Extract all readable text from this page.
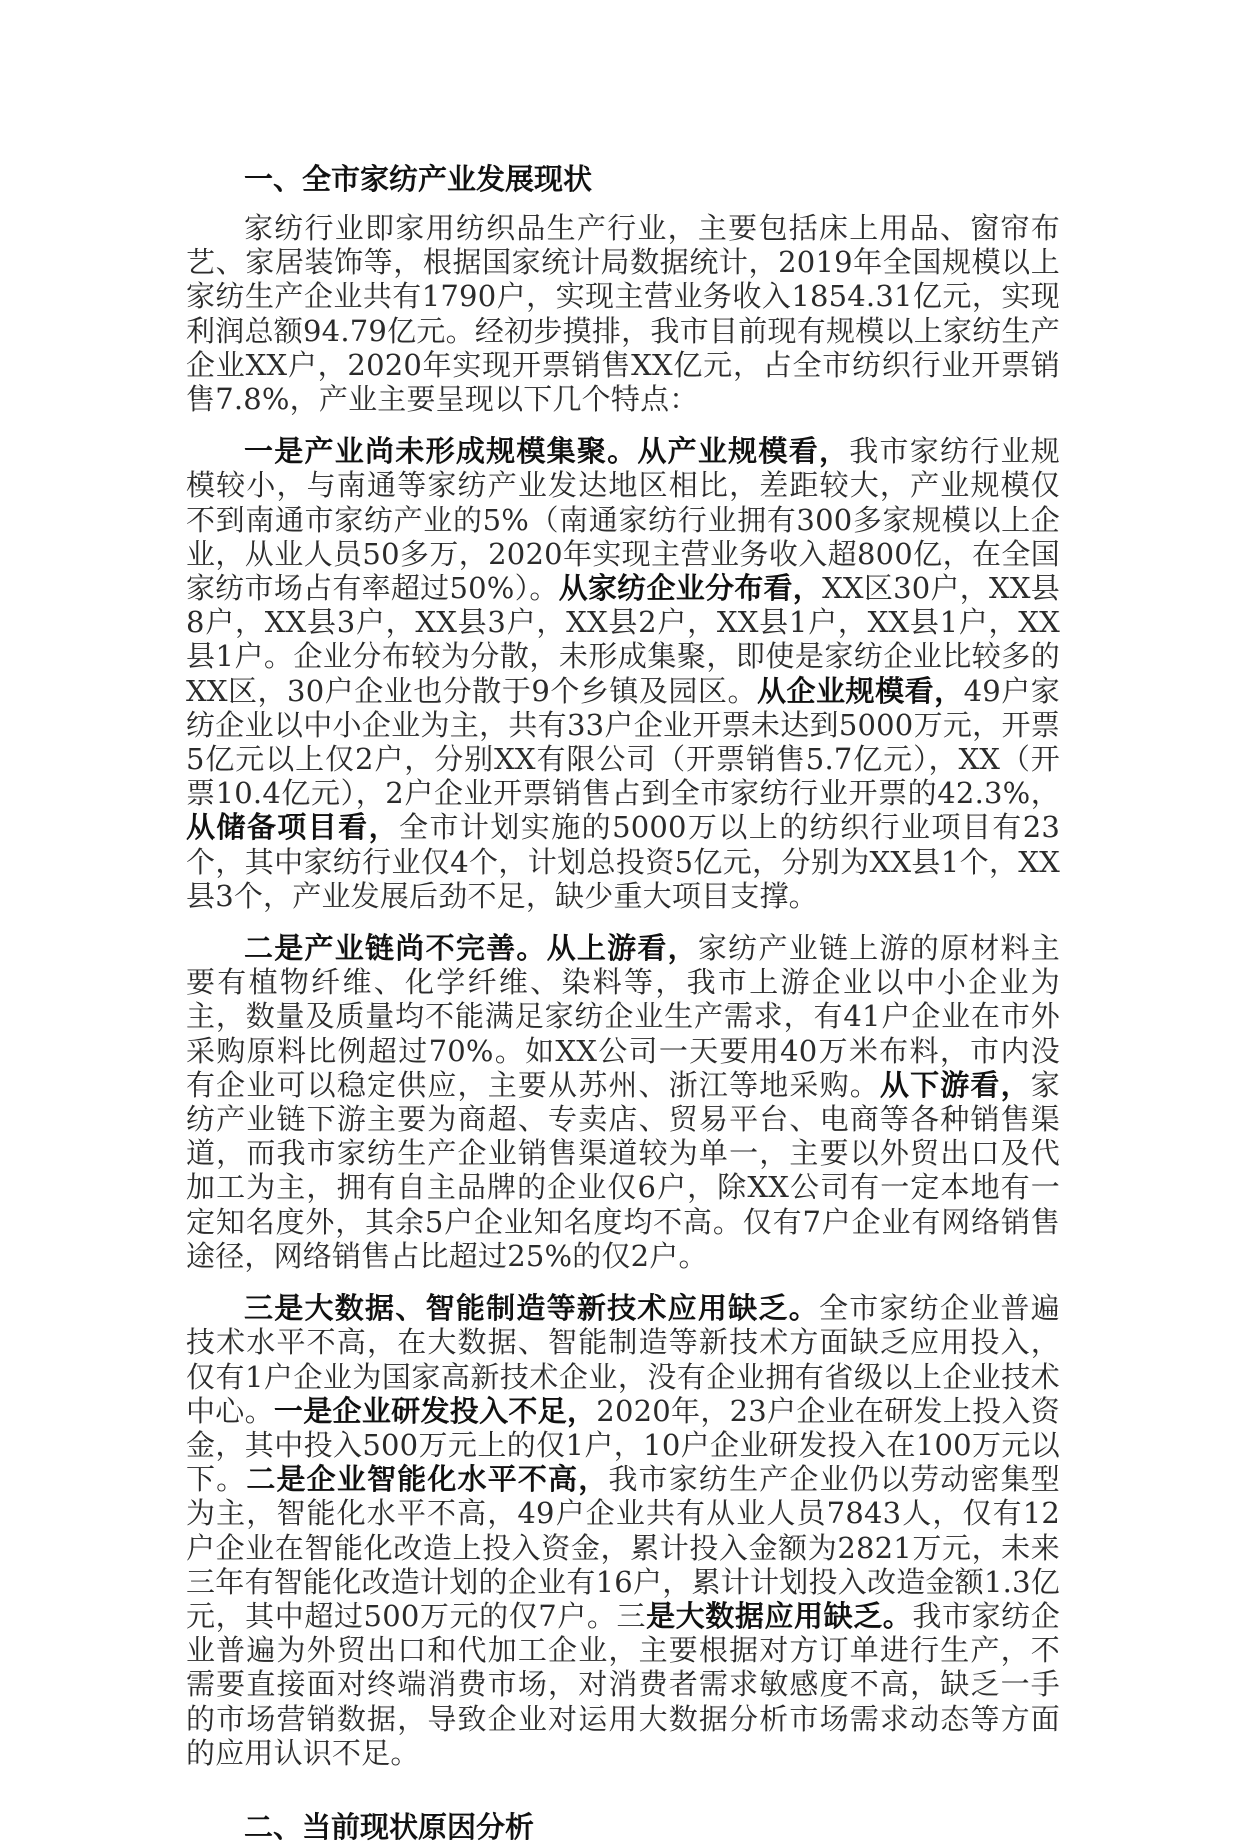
一、全市家纺产业发展现状

家纺行业即家用纺织品生产行业，主要包括床上用品、窗帘布艺、家居装饰等，根据国家统计局数据统计，2019年全国规模以上家纺生产企业共有1790户，实现主营业务收入1854.31亿元，实现利润总额94.79亿元。经初步摸排，我市目前现有规模以上家纺生产企业XX户，2020年实现开票销售XX亿元，占全市纺织行业开票销售7.8%，产业主要呈现以下几个特点：

一是产业尚未形成规模集聚。从产业规模看，我市家纺行业规模较小，与南通等家纺产业发达地区相比，差距较大，产业规模仅不到南通市家纺产业的5%（南通家纺行业拥有300多家规模以上企业，从业人员50多万，2020年实现主营业务收入超800亿，在全国家纺市场占有率超过50%）。从家纺企业分布看，XX区30户，XX县8户，XX县3户，XX县3户，XX县2户，XX县1户，XX县1户，XX县1户。企业分布较为分散，未形成集聚，即使是家纺企业比较多的XX区，30户企业也分散于9个乡镇及园区。从企业规模看，49户家纺企业以中小企业为主，共有33户企业开票未达到5000万元，开票5亿元以上仅2户，分别XX有限公司（开票销售5.7亿元），XX（开票10.4亿元），2户企业开票销售占到全市家纺行业开票的42.3%，从储备项目看，全市计划实施的5000万以上的纺织行业项目有23个，其中家纺行业仅4个，计划总投资5亿元，分别为XX县1个，XX县3个，产业发展后劲不足，缺少重大项目支撑。

二是产业链尚不完善。从上游看，家纺产业链上游的原材料主要有植物纤维、化学纤维、染料等，我市上游企业以中小企业为主，数量及质量均不能满足家纺企业生产需求，有41户企业在市外采购原料比例超过70%。如XX公司一天要用40万米布料，市内没有企业可以稳定供应，主要从苏州、浙江等地采购。从下游看，家纺产业链下游主要为商超、专卖店、贸易平台、电商等各种销售渠道，而我市家纺生产企业销售渠道较为单一，主要以外贸出口及代加工为主，拥有自主品牌的企业仅6户，除XX公司有一定本地有一定知名度外，其余5户企业知名度均不高。仅有7户企业有网络销售途径，网络销售占比超过25%的仅2户。

三是大数据、智能制造等新技术应用缺乏。全市家纺企业普遍技术水平不高，在大数据、智能制造等新技术方面缺乏应用投入，仅有1户企业为国家高新技术企业，没有企业拥有省级以上企业技术中心。一是企业研发投入不足，2020年，23户企业在研发上投入资金，其中投入500万元上的仅1户，10户企业研发投入在100万元以下。二是企业智能化水平不高，我市家纺生产企业仍以劳动密集型为主，智能化水平不高，49户企业共有从业人员7843人，仅有12户企业在智能化改造上投入资金，累计投入金额为2821万元，未来三年有智能化改造计划的企业有16户，累计计划投入改造金额1.3亿元，其中超过500万元的仅7户。三是大数据应用缺乏。我市家纺企业普遍为外贸出口和代加工企业，主要根据对方订单进行生产，不需要直接面对终端消费市场，对消费者需求敏感度不高，缺乏一手的市场营销数据，导致企业对运用大数据分析市场需求动态等方面的应用认识不足。

二、当前现状原因分析
